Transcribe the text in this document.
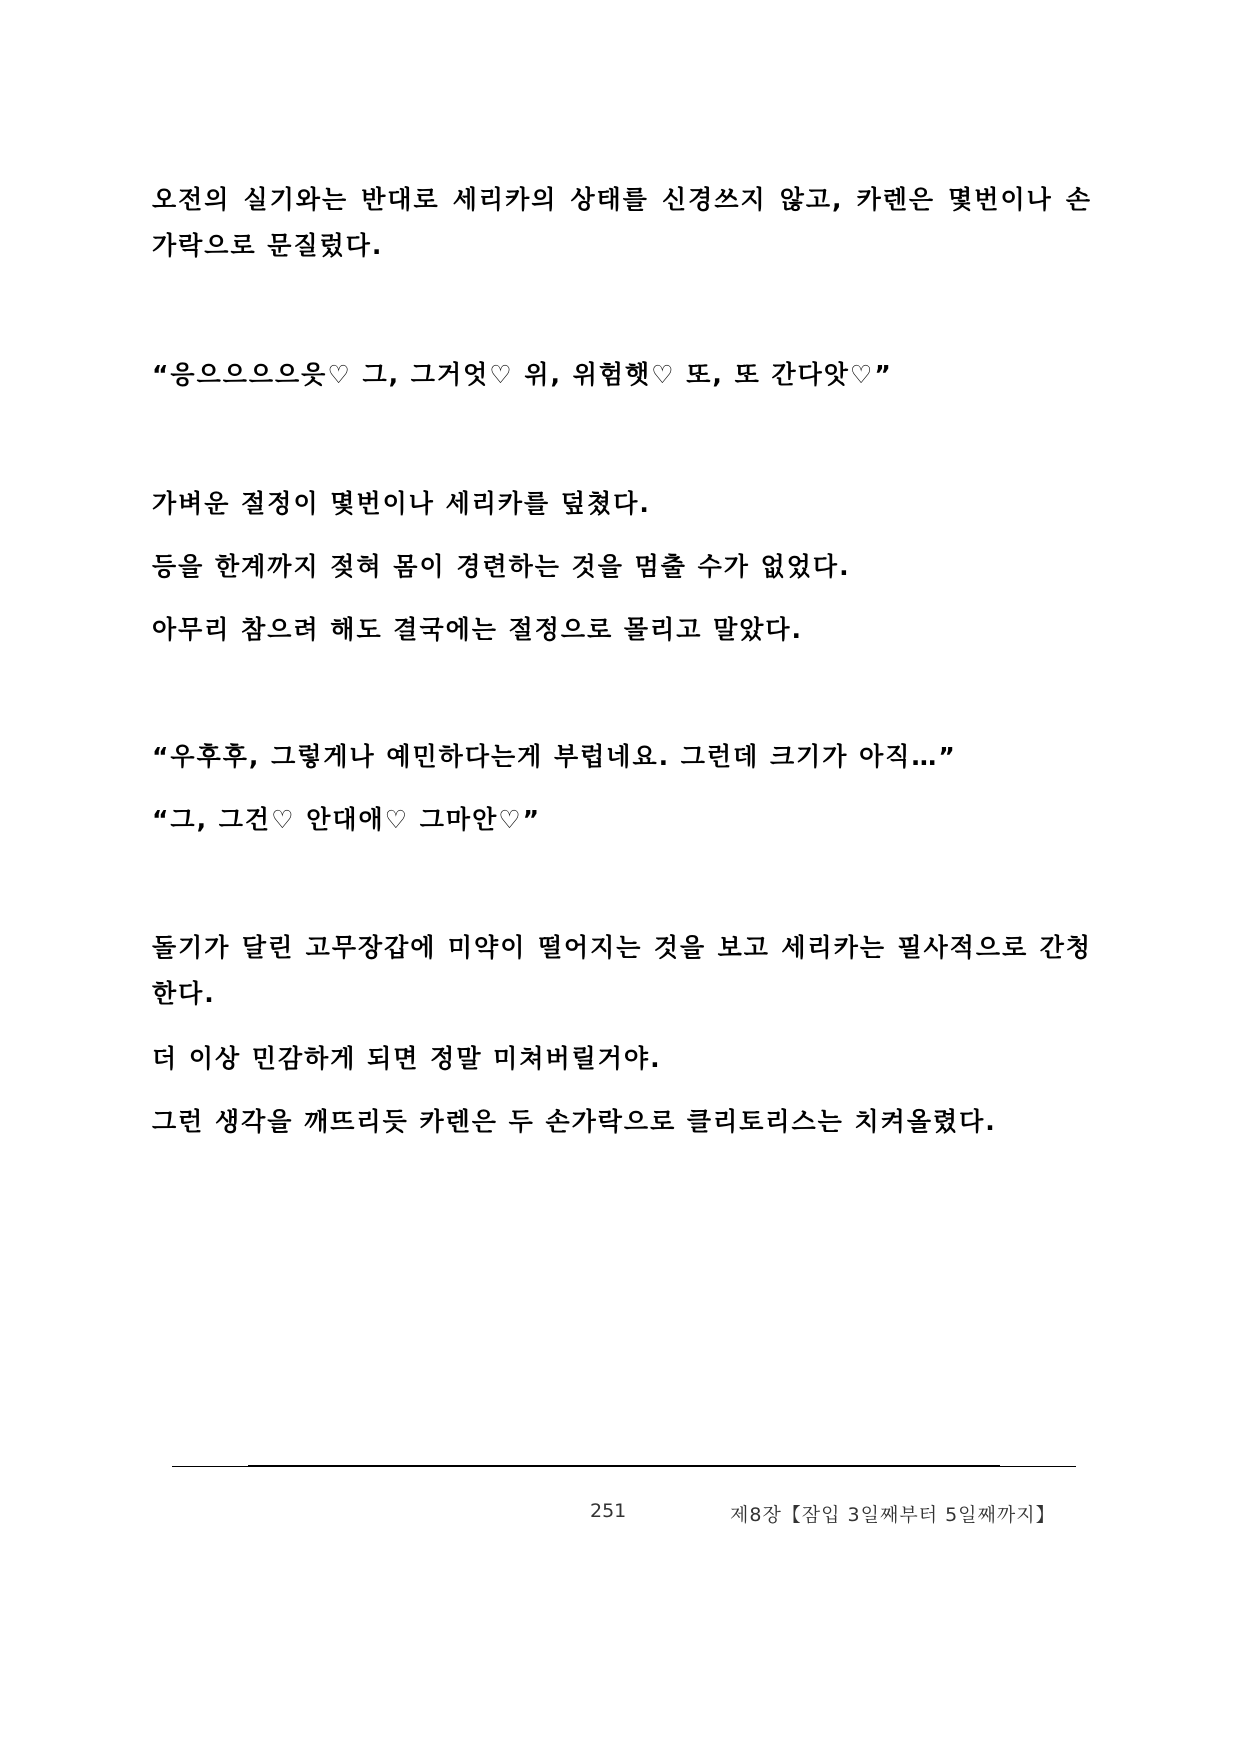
오전의 실기와는 반대로 세리카의 상태를 신경쓰지 않고, 카렌은 몇번이나 손가락으로 문질렀다.

“응으으으으읏♡ 그, 그거엇♡ 위, 위험햇♡ 또, 또 간다앗♡”

가벼운 절정이 몇번이나 세리카를 덮쳤다.

등을 한계까지 젖혀 몸이 경련하는 것을 멈출 수가 없었다.

아무리 참으려 해도 결국에는 절정으로 몰리고 말았다.

“우후후, 그렇게나 예민하다는게 부럽네요. 그런데 크기가 아직…”

“그, 그건♡ 안대애♡ 그마안♡”

돌기가 달린 고무장갑에 미약이 떨어지는 것을 보고 세리카는 필사적으로 간청한다.

더 이상 민감하게 되면 정말 미쳐버릴거야.

그런 생각을 깨뜨리듯 카렌은 두 손가락으로 클리토리스는 치켜올렸다.

251	제8장【잠입 3일째부터 5일째까지】
